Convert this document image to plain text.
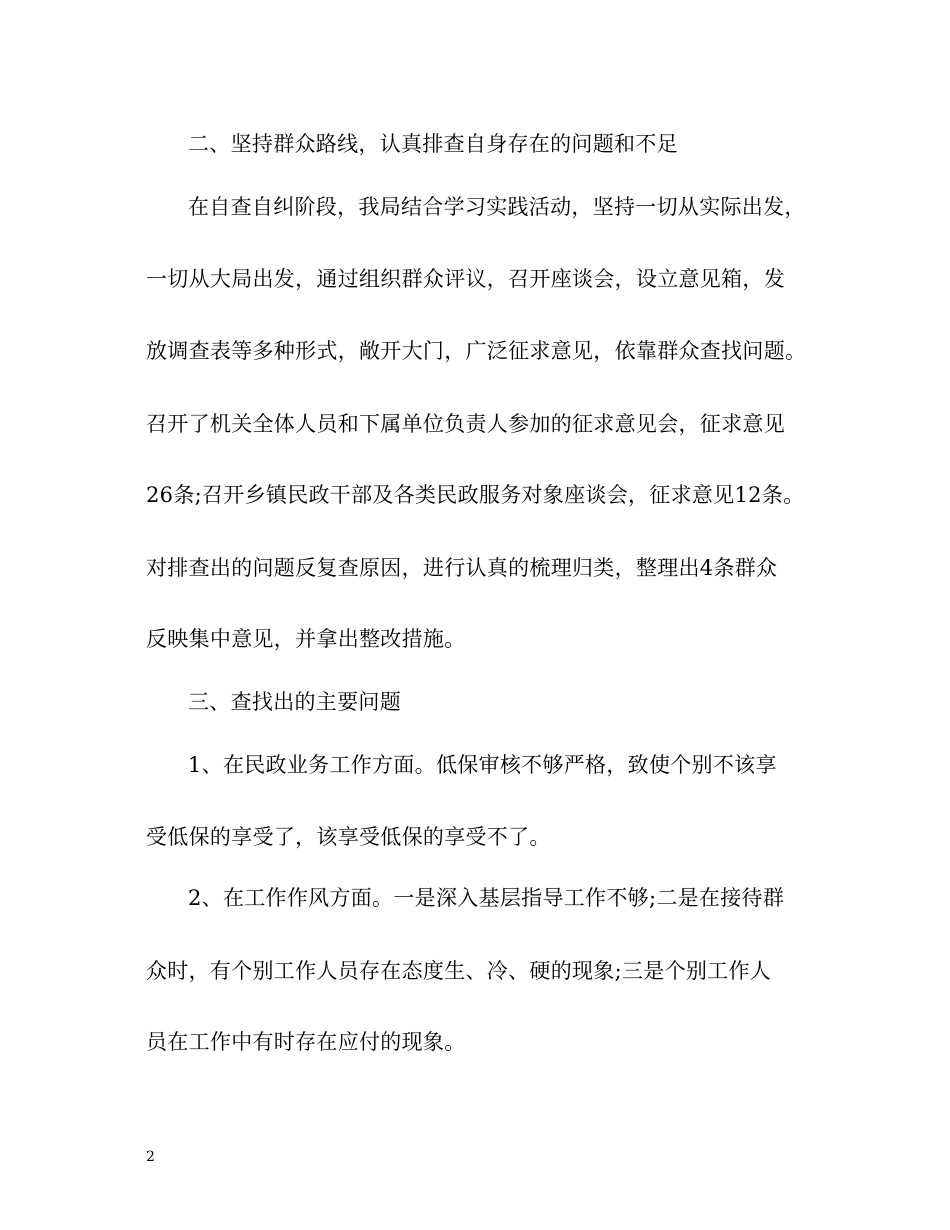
二、坚持群众路线，认真排查自身存在的问题和不足
在自查自纠阶段，我局结合学习实践活动，坚持一切从实际出发，
一切从大局出发，通过组织群众评议，召开座谈会，设立意见箱，发
放调查表等多种形式，敞开大门，广泛征求意见，依靠群众查找问题。
召开了机关全体人员和下属单位负责人参加的征求意见会，征求意见
26条;召开乡镇民政干部及各类民政服务对象座谈会，征求意见12条。
对排查出的问题反复查原因，进行认真的梳理归类，整理出4条群众
反映集中意见，并拿出整改措施。
三、查找出的主要问题
1、在民政业务工作方面。低保审核不够严格，致使个别不该享
受低保的享受了，该享受低保的享受不了。
2、在工作作风方面。一是深入基层指导工作不够;二是在接待群
众时，有个别工作人员存在态度生、冷、硬的现象;三是个别工作人
员在工作中有时存在应付的现象。
2
